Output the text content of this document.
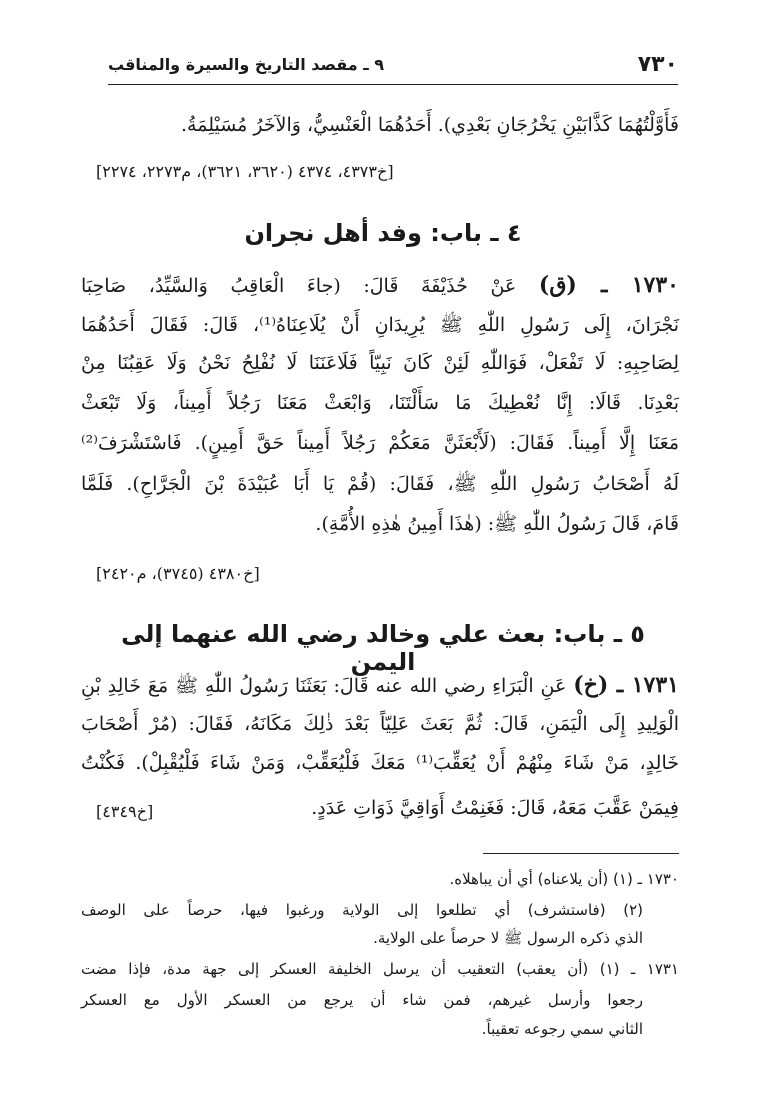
٧٣٠
٩ ـ مقصد التاريخ والسيرة والمناقب
فَأَوَّلْتُهُمَا كَذَّابَيْنِ يَخْرُجَانِ بَعْدِي). أَحَدُهُمَا الْعَنْسِيُّ، وَالآخَرُ مُسَيْلِمَةُ.
[خ٤٣٧٣، ٤٣٧٤ (٣٦٢٠، ٣٦٢١)، م٢٢٧٣، ٢٢٧٤]
٤ ـ باب: وفد أهل نجران
١٧٣٠ ـ (ق) عَنْ حُذَيْفَةَ قَالَ: (جاءَ الْعَاقِبُ وَالسَّيِّدُ، صَاحِبَا
نَجْرَانَ، إِلَى رَسُولِ اللّٰهِ ﷺ يُرِيدَانِ أَنْ يُلَاعِنَاهُ⁽¹⁾، قَالَ: فَقَالَ أَحَدُهُمَا
لِصَاحِبِهِ: لَا تَفْعَلْ، فَوَاللّٰهِ لَئِنْ كَانَ نَبِيّاً فَلَاعَنَنَا لَا نُفْلِحُ نَحْنُ وَلَا عَقِبُنَا مِنْ
بَعْدِنَا. قَالَا: إِنَّا نُعْطِيكَ مَا سَأَلْتَنَا، وَابْعَثْ مَعَنَا رَجُلاً أَمِيناً، وَلَا تَبْعَثْ
مَعَنَا إِلَّا أَمِيناً. فَقَالَ: (لَأَبْعَثَنَّ مَعَكُمْ رَجُلاً أَمِيناً حَقَّ أَمِينٍ). فَاسْتَشْرَفَ⁽²⁾
لَهُ أَصْحَابُ رَسُولِ اللّٰهِ ﷺ، فَقَالَ: (قُمْ يَا أَبَا عُبَيْدَةَ بْنَ الْجَرَّاحِ). فَلَمَّا
قَامَ، قَالَ رَسُولُ اللّٰهِ ﷺ: (هٰذَا أَمِينُ هٰذِهِ الأُمَّةِ).
[خ٤٣٨٠ (٣٧٤٥)، م٢٤٢٠]
٥ ـ باب: بعث علي وخالد رضي الله عنهما إلى اليمن
١٧٣١ ـ (خ) عَنِ الْبَرَاءِ رضي الله عنه قَالَ: بَعَثَنَا رَسُولُ اللّٰهِ ﷺ مَعَ خَالِدِ بْنِ
الْوَلِيدِ إِلَى الْيَمَنِ، قَالَ: ثُمَّ بَعَثَ عَلِيّاً بَعْدَ ذٰلِكَ مَكَانَهُ، فَقَالَ: (مُرْ أَصْحَابَ
خَالِدٍ، مَنْ شَاءَ مِنْهُمْ أَنْ يُعَقِّبَ⁽¹⁾ مَعَكَ فَلْيُعَقِّبْ، وَمَنْ شَاءَ فَلْيُقْبِلْ). فَكُنْتُ
فِيمَنْ عَقَّبَ مَعَهُ، قَالَ: فَغَنِمْتُ أَوَاقِيَّ ذَوَاتِ عَدَدٍ.
[خ٤٣٤٩]
١٧٣٠ ـ (١) (أن يلاعناه) أي أن يباهلاه.
(٢) (فاستشرف) أي تطلعوا إلى الولاية ورغبوا فيها، حرصاً على الوصف
الذي ذكره الرسول ﷺ لا حرصاً على الولاية.
١٧٣١ ـ (١) (أن يعقب) التعقيب أن يرسل الخليفة العسكر إلى جهة مدة، فإذا مضت
رجعوا وأرسل غيرهم، فمن شاء أن يرجع من العسكر الأول مع العسكر
الثاني سمي رجوعه تعقيباً.
